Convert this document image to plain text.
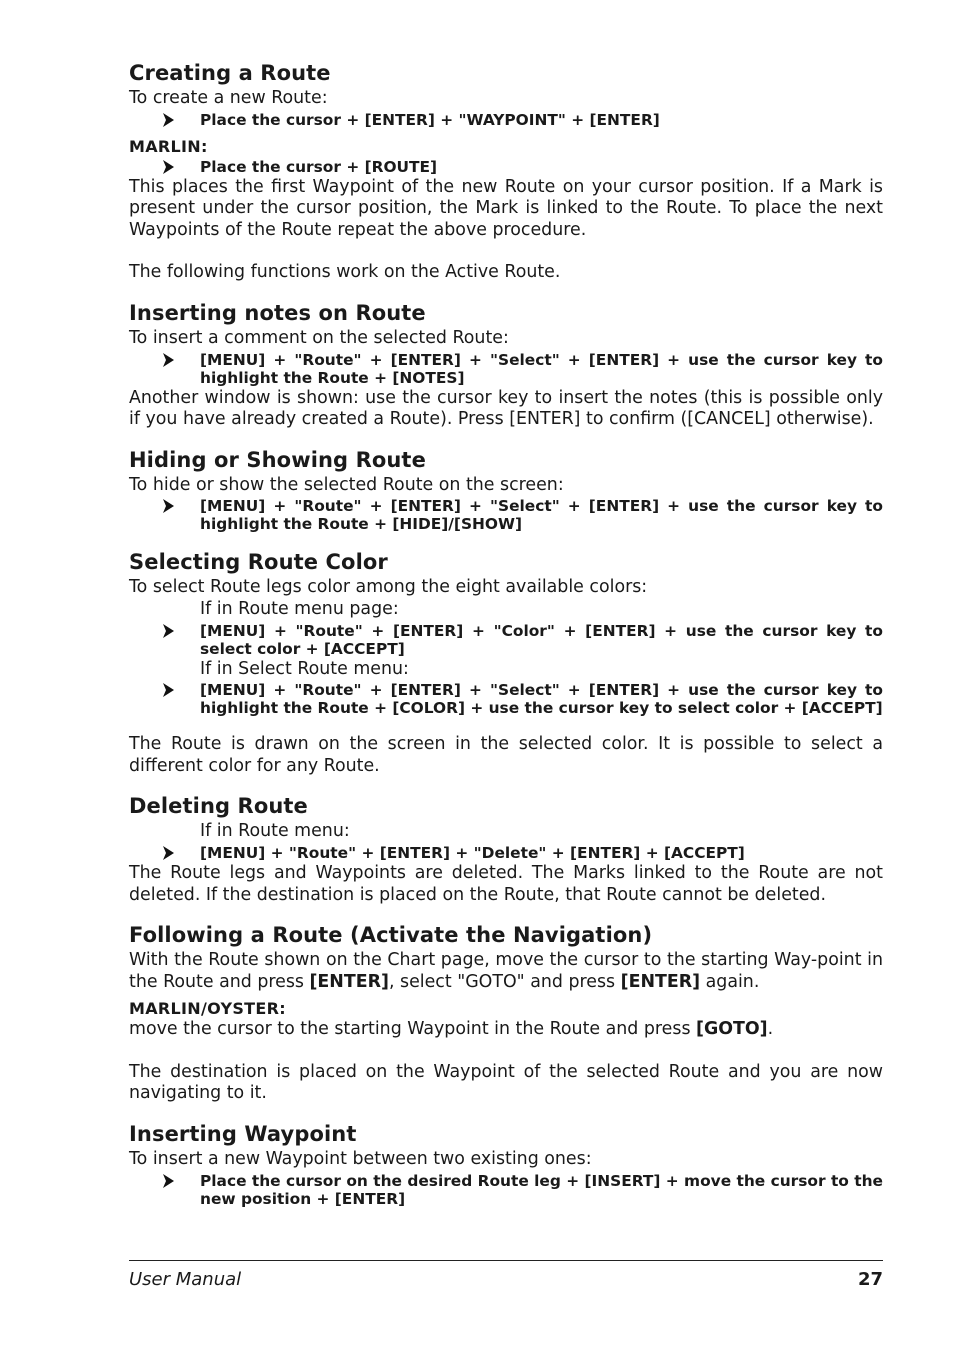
Creating a Route

To create a new Route:

Place the cursor + [ENTER] + "WAYPOINT" + [ENTER]
MARLIN:
Place the cursor + [ROUTE]

This places the first Waypoint of the new Route on your cursor position. If a Mark is present under the cursor position, the Mark is linked to the Route. To place the next Waypoints of the Route repeat the above procedure.

The following functions work on the Active Route.

Inserting notes on Route

To insert a comment on the selected Route:

[MENU] + "Route" + [ENTER] + "Select" + [ENTER] + use the cursor key to highlight the Route + [NOTES]

Another window is shown: use the cursor key to insert the notes (this is possible only if you have already created a Route). Press [ENTER] to confirm ([CANCEL] otherwise).

Hiding or Showing Route

To hide or show the selected Route on the screen:

[MENU] + "Route" + [ENTER] + "Select" + [ENTER] + use the cursor key to highlight the Route + [HIDE]/[SHOW]
Selecting Route Color

To select Route legs color among the eight available colors:

If in Route menu page:
[MENU] + "Route" + [ENTER] + "Color" + [ENTER] + use the cursor key to select color + [ACCEPT]
If in Select Route menu:
[MENU] + "Route" + [ENTER] + "Select" + [ENTER] + use the cursor key to highlight the Route + [COLOR] + use the cursor key to select color + [ACCEPT]

The Route is drawn on the screen in the selected color. It is possible to select a different color for any Route.

Deleting Route
If in Route menu:
[MENU] + "Route" + [ENTER] + "Delete" + [ENTER] + [ACCEPT]

The Route legs and Waypoints are deleted. The Marks linked to the Route are not deleted. If the destination is placed on the Route, that Route cannot be deleted.

Following a Route (Activate the Navigation)

With the Route shown on the Chart page, move the cursor to the starting Way-point in the Route and press [ENTER], select "GOTO" and press [ENTER] again.

MARLIN/OYSTER:

move the cursor to the starting Waypoint in the Route and press [GOTO].

The destination is placed on the Waypoint of the selected Route and you are now navigating to it.

Inserting Waypoint

To insert a new Waypoint between two existing ones:

Place the cursor on the desired Route leg + [INSERT] + move the cursor to the new position + [ENTER]
User Manual	27
